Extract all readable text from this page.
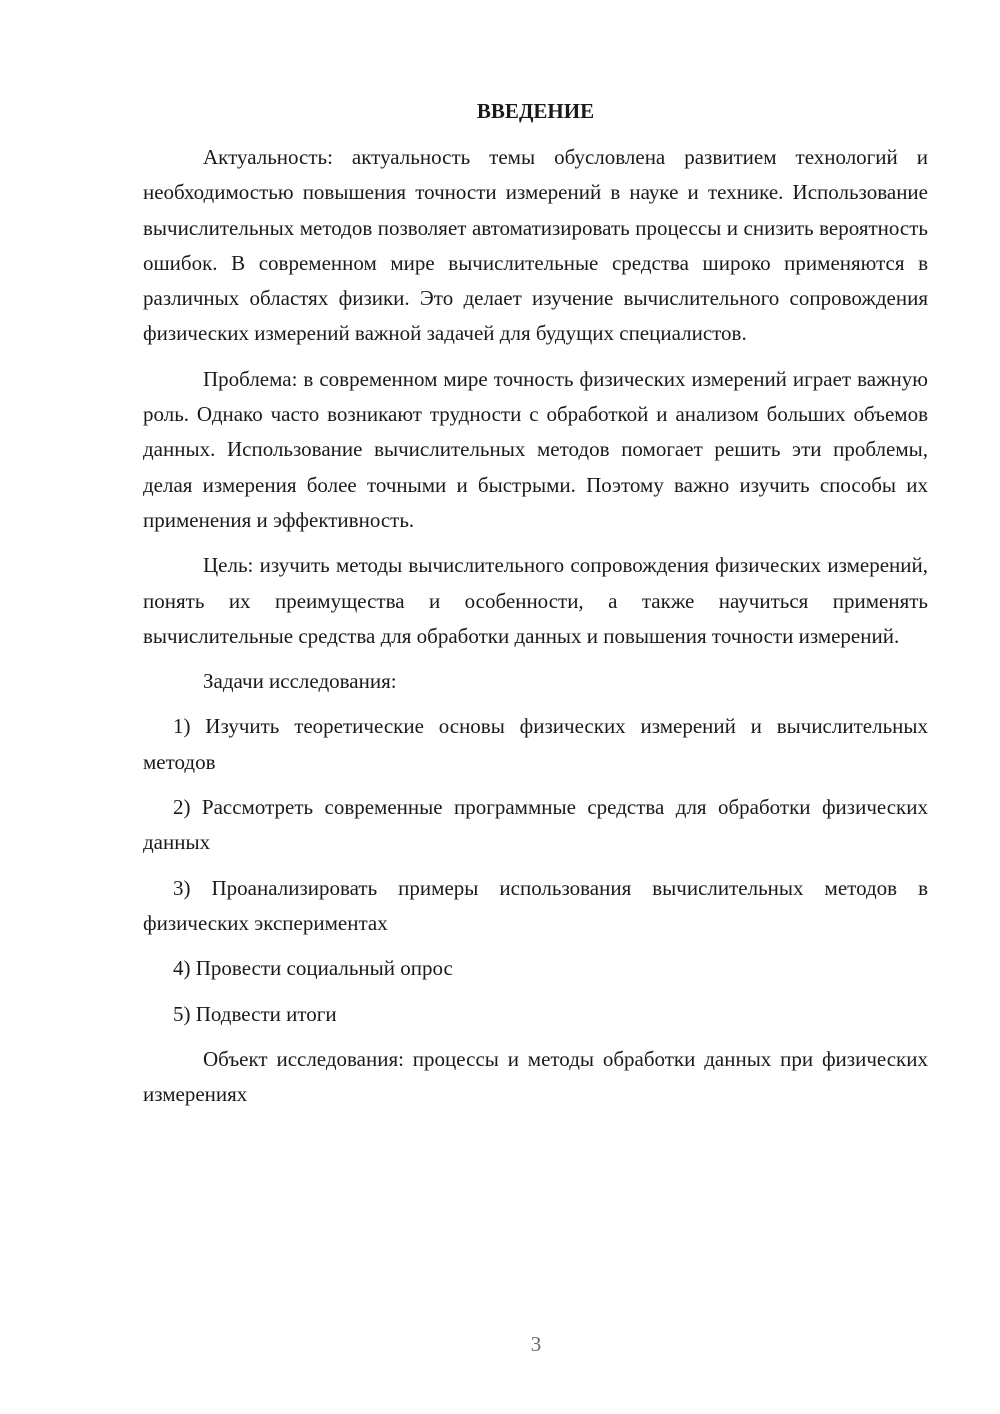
ВВЕДЕНИЕ

Актуальность: актуальность темы обусловлена развитием технологий и необходимостью повышения точности измерений в науке и технике. Использование вычислительных методов позволяет автоматизировать процессы и снизить вероятность ошибок. В современном мире вычислительные средства широко применяются в различных областях физики. Это делает изучение вычислительного сопровождения физических измерений важной задачей для будущих специалистов.

Проблема: в современном мире точность физических измерений играет важную роль. Однако часто возникают трудности с обработкой и анализом больших объемов данных. Использование вычислительных методов помогает решить эти проблемы, делая измерения более точными и быстрыми. Поэтому важно изучить способы их применения и эффективность.

Цель: изучить методы вычислительного сопровождения физических измерений, понять их преимущества и особенности, а также научиться применять вычислительные средства для обработки данных и повышения точности измерений.

Задачи исследования:

1) Изучить теоретические основы физических измерений и вычислительных методов

2) Рассмотреть современные программные средства для обработки физических данных

3) Проанализировать примеры использования вычислительных методов в физических экспериментах

4) Провести социальный опрос

5) Подвести итоги

Объект исследования: процессы и методы обработки данных при физических измерениях

3
